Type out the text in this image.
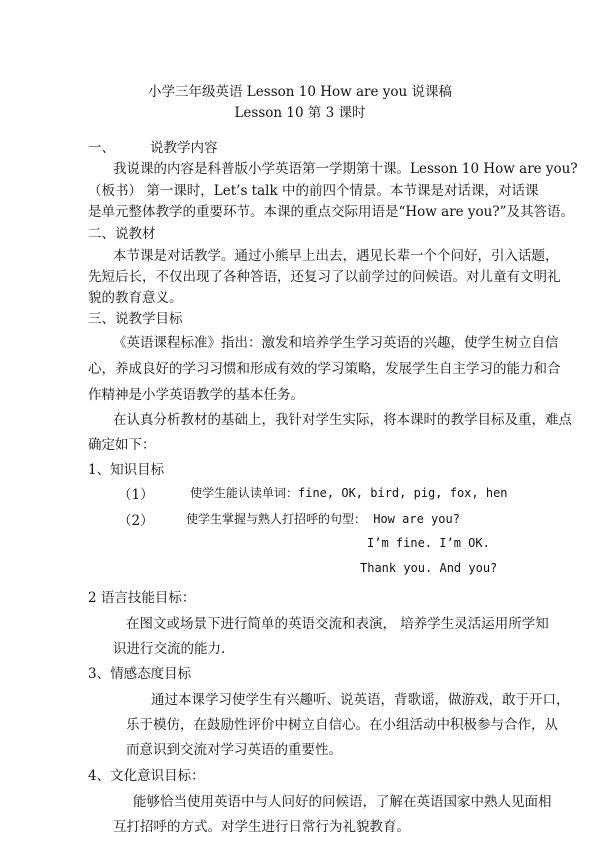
小学三年级英语 Lesson 10 How are you 说课稿
Lesson 10 第 3 课时
一、	说教学内容
我说课的内容是科普版小学英语第一学期第十课。Lesson 10 How are you?
（板书） 第一课时，Let’s talk 中的前四个情景。本节课是对话课，对话课
是单元整体教学的重要环节。本课的重点交际用语是“How are you?”及其答语。
二、说教材
本节课是对话教学。通过小熊早上出去，遇见长辈一个个问好，引入话题，
先短后长，不仅出现了各种答语，还复习了以前学过的问候语。对儿童有文明礼
貌的教育意义。
三、说教学目标
《英语课程标准》指出：激发和培养学生学习英语的兴趣，使学生树立自信
心，养成良好的学习习惯和形成有效的学习策略，发展学生自主学习的能力和合
作精神是小学英语教学的基本任务。
在认真分析教材的基础上，我针对学生实际，将本课时的教学目标及重，难点
确定如下：
1、知识目标
（1）	使学生能认读单词：fine, OK, bird, pig, fox, hen
（2）	使学生掌握与熟人打招呼的句型： How are you?
I’m fine. I’m OK.
Thank you. And you?
2 语言技能目标：
在图文或场景下进行简单的英语交流和表演， 培养学生灵活运用所学知
识进行交流的能力.
3、情感态度目标
通过本课学习使学生有兴趣听、说英语，背歌谣，做游戏，敢于开口，
乐于模仿，在鼓励性评价中树立自信心。在小组活动中积极参与合作，从
而意识到交流对学习英语的重要性。
4、文化意识目标：
能够恰当使用英语中与人问好的问候语，了解在英语国家中熟人见面相
互打招呼的方式。对学生进行日常行为礼貌教育。
